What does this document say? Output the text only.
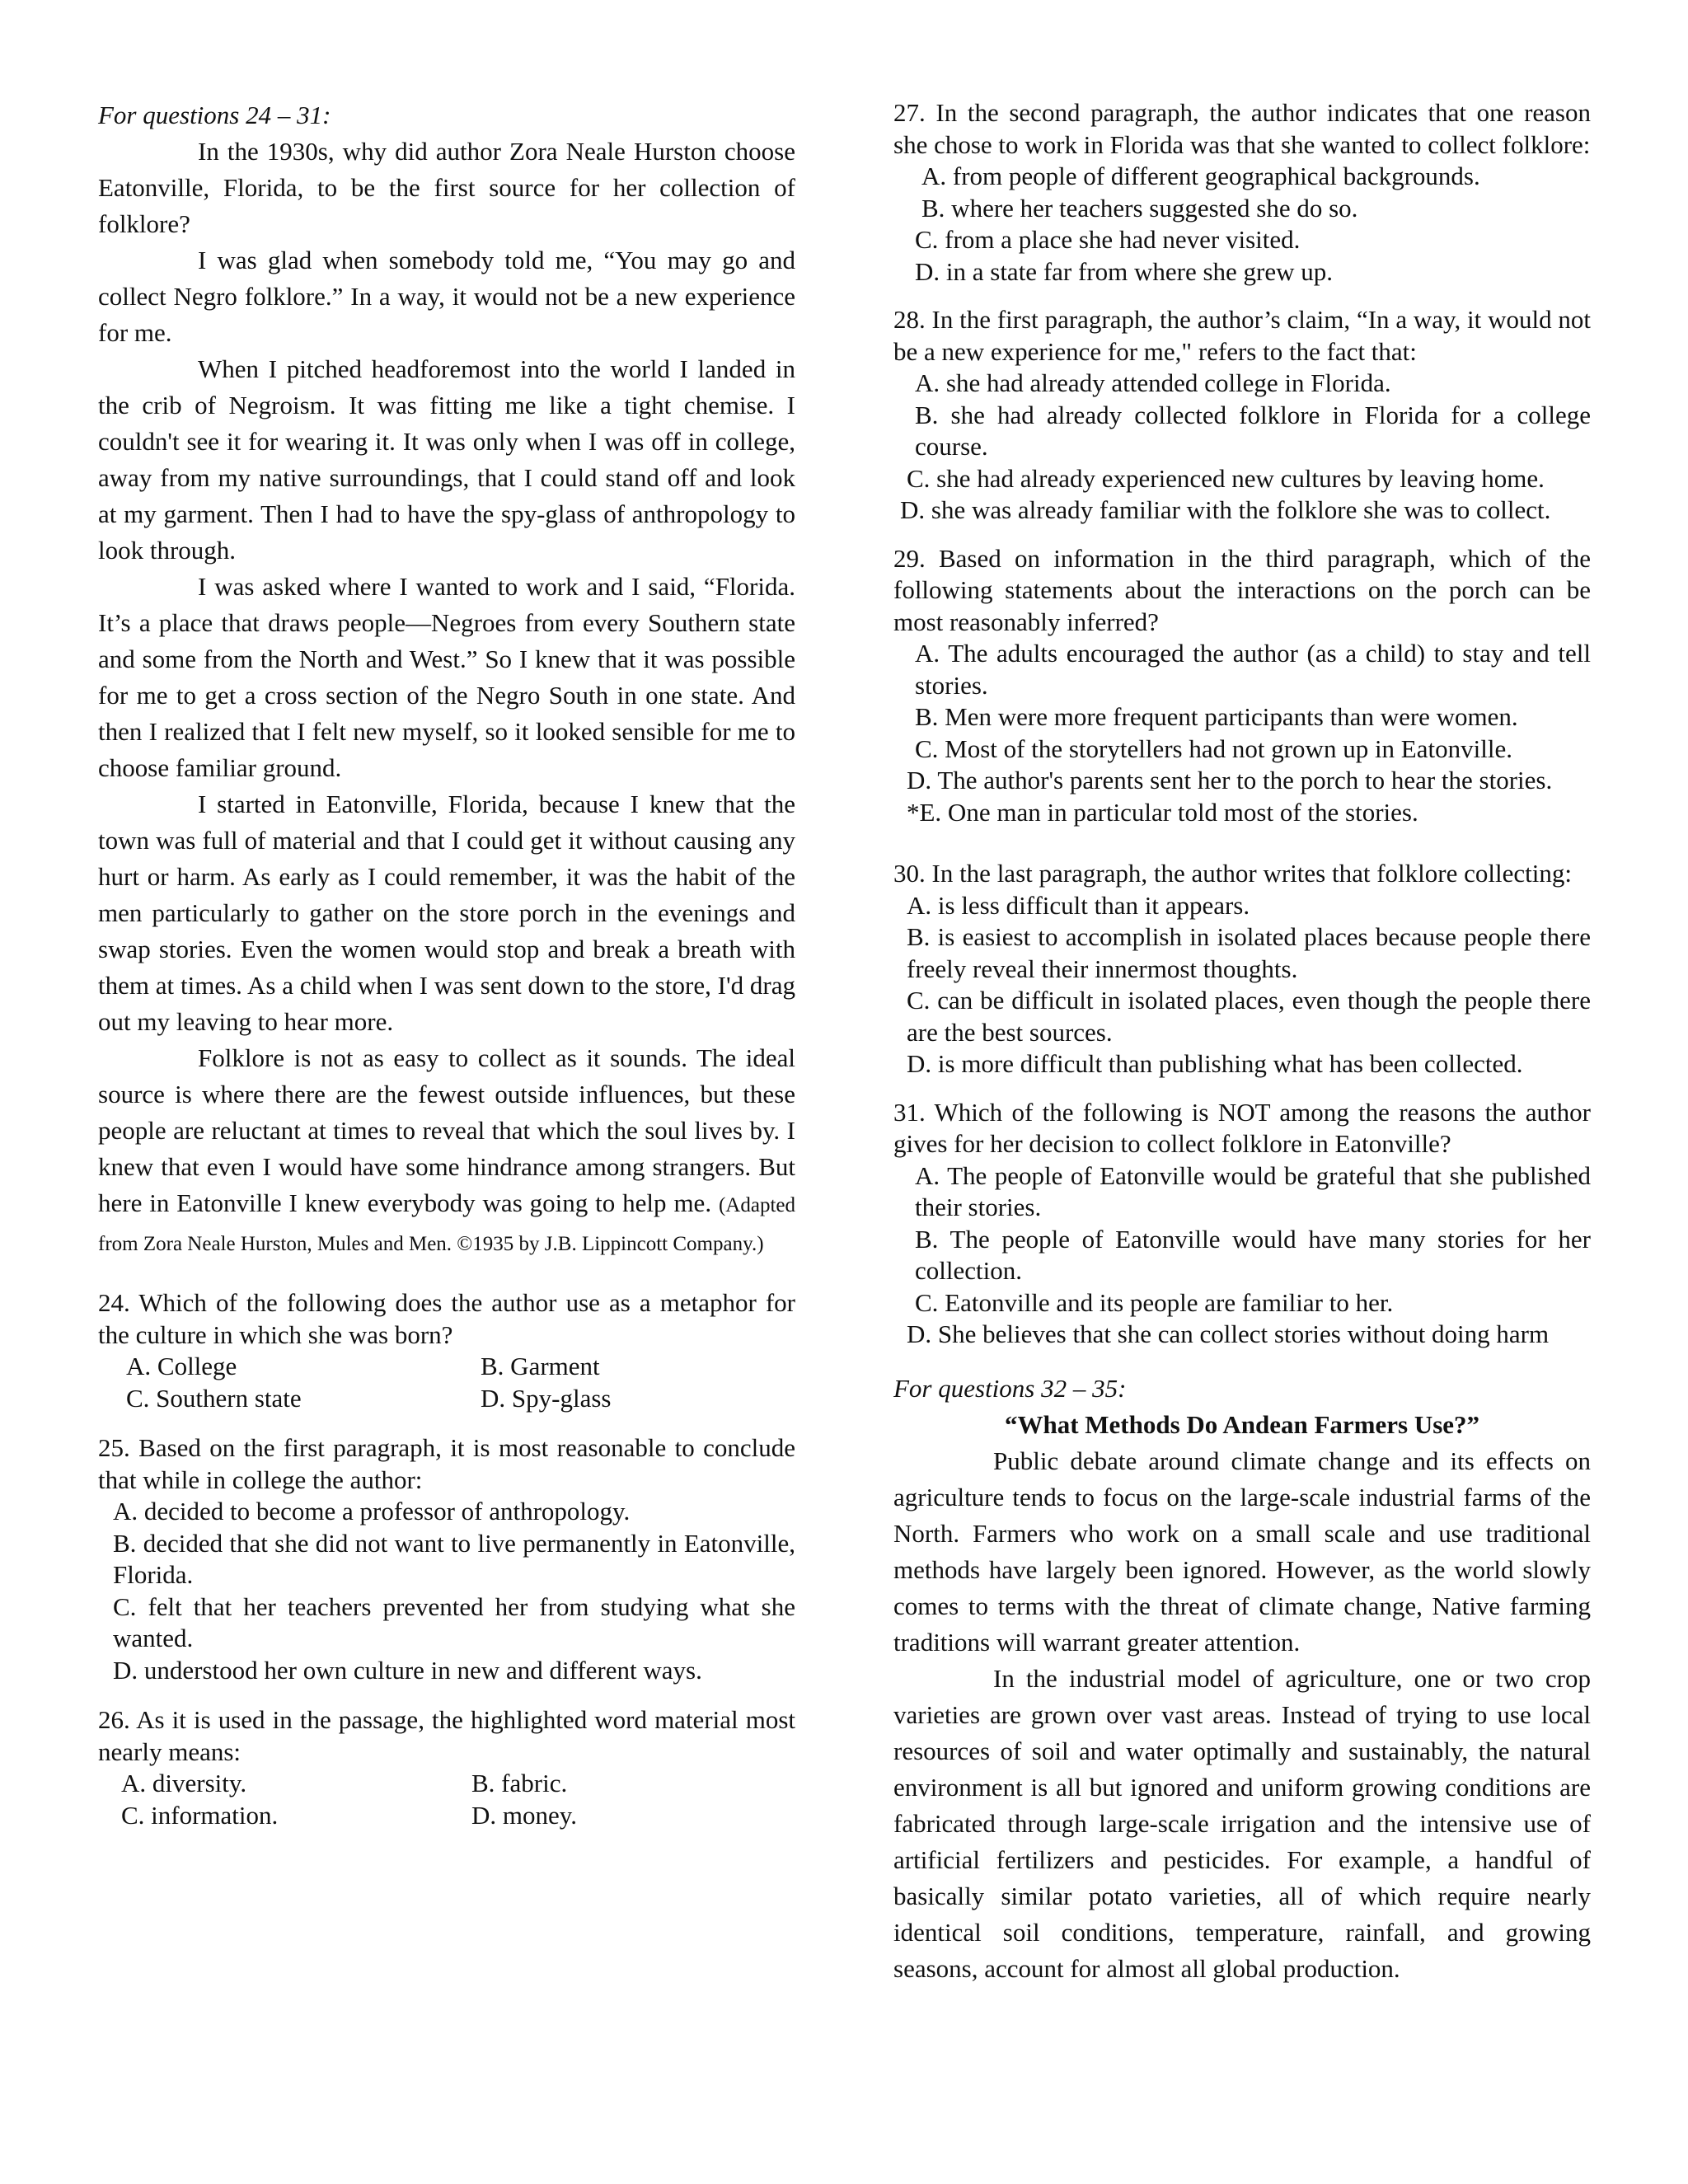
For questions 24 – 31:

In the 1930s, why did author Zora Neale Hurston choose Eatonville, Florida, to be the first source for her collection of folklore?

I was glad when somebody told me, “You may go and collect Negro folklore.” In a way, it would not be a new experience for me.

When I pitched headforemost into the world I landed in the crib of Negroism. It was fitting me like a tight chemise. I couldn't see it for wearing it. It was only when I was off in college, away from my native surroundings, that I could stand off and look at my garment. Then I had to have the spy-glass of anthropology to look through.

I was asked where I wanted to work and I said, “Florida. It’s a place that draws people—Negroes from every Southern state and some from the North and West.” So I knew that it was possible for me to get a cross section of the Negro South in one state. And then I realized that I felt new myself, so it looked sensible for me to choose familiar ground.

I started in Eatonville, Florida, because I knew that the town was full of material and that I could get it without causing any hurt or harm. As early as I could remember, it was the habit of the men particularly to gather on the store porch in the evenings and swap stories. Even the women would stop and break a breath with them at times. As a child when I was sent down to the store, I'd drag out my leaving to hear more.

Folklore is not as easy to collect as it sounds. The ideal source is where there are the fewest outside influences, but these people are reluctant at times to reveal that which the soul lives by. I knew that even I would have some hindrance among strangers. But here in Eatonville I knew everybody was going to help me. (Adapted from Zora Neale Hurston, Mules and Men. ©1935 by J.B. Lippincott Company.)

24. Which of the following does the author use as a metaphor for the culture in which she was born?

A. College	B. Garment
C. Southern state	D. Spy-glass

25. Based on the first paragraph, it is most reasonable to conclude that while in college the author:

A. decided to become a professor of anthropology.

B. decided that she did not want to live permanently in Eatonville, Florida.

C. felt that her teachers prevented her from studying what she wanted.

D. understood her own culture in new and different ways.

26. As it is used in the passage, the highlighted word material most nearly means:

A. diversity.	B. fabric.
C. information.	D. money.

27. In the second paragraph, the author indicates that one reason she chose to work in Florida was that she wanted to collect folklore:

A. from people of different geographical backgrounds.

B. where her teachers suggested she do so.

C. from a place she had never visited.

D. in a state far from where she grew up.

28. In the first paragraph, the author’s claim, “In a way, it would not be a new experience for me," refers to the fact that:

A. she had already attended college in Florida.

B. she had already collected folklore in Florida for a college course.

C. she had already experienced new cultures by leaving home.

D. she was already familiar with the folklore she was to collect.

29. Based on information in the third paragraph, which of the following statements about the interactions on the porch can be most reasonably inferred?

A. The adults encouraged the author (as a child) to stay and tell stories.

B. Men were more frequent participants than were women.

C. Most of the storytellers had not grown up in Eatonville.

D. The author's parents sent her to the porch to hear the stories.

*E. One man in particular told most of the stories.

30. In the last paragraph, the author writes that folklore collecting:

A. is less difficult than it appears.

B. is easiest to accomplish in isolated places because people there freely reveal their innermost thoughts.

C. can be difficult in isolated places, even though the people there are the best sources.

D. is more difficult than publishing what has been collected.

31. Which of the following is NOT among the reasons the author gives for her decision to collect folklore in Eatonville?

A. The people of Eatonville would be grateful that she published their stories.

B. The people of Eatonville would have many stories for her collection.

C. Eatonville and its people are familiar to her.

D. She believes that she can collect stories without doing harm

For questions 32 – 35:

“What Methods Do Andean Farmers Use?”

Public debate around climate change and its effects on agriculture tends to focus on the large-scale industrial farms of the North. Farmers who work on a small scale and use traditional methods have largely been ignored. However, as the world slowly comes to terms with the threat of climate change, Native farming traditions will warrant greater attention.

In the industrial model of agriculture, one or two crop varieties are grown over vast areas. Instead of trying to use local resources of soil and water optimally and sustainably, the natural environment is all but ignored and uniform growing conditions are fabricated through large-scale irrigation and the intensive use of artificial fertilizers and pesticides. For example, a handful of basically similar potato varieties, all of which require nearly identical soil conditions, temperature, rainfall, and growing seasons, account for almost all global production.
